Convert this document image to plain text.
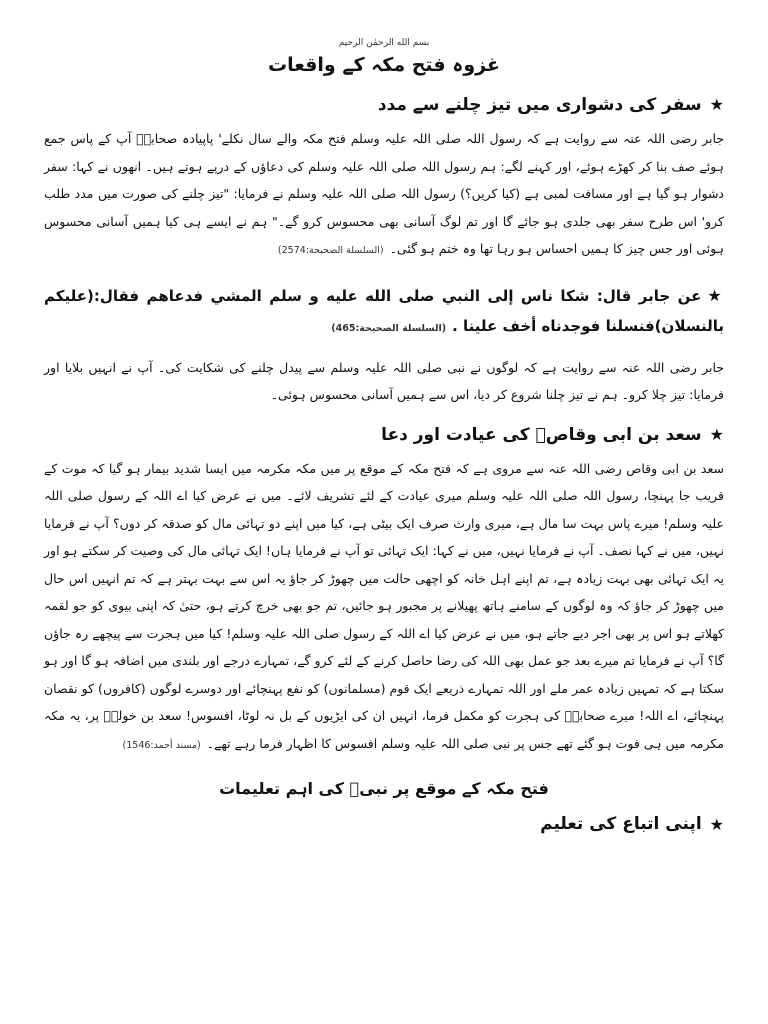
بسم الله الرحمٰن الرحيم
غزوہ فتح مکہ کے واقعات
★
سفر کی دشواری میں تیز چلنے سے مدد

جابر رضی اللہ عنہ سے روایت ہے کہ رسول اللہ صلی اللہ علیہ وسلم فتح مکہ والے سال نکلے' پاپیادہ صحابہؓ آپ کے پاس جمع ہوئے صف بنا کر کھڑے ہوئے، اور کہنے لگے: ہم رسول اللہ صلی اللہ علیہ وسلم کی دعاؤں کے درپے ہوتے ہیں۔ انھوں نے کہا: سفر دشوار ہو گیا ہے اور مسافت لمبی ہے (کیا کریں؟) رسول اللہ صلی اللہ علیہ وسلم نے فرمایا: "تیز چلنے کی صورت میں مدد طلب کرو' اس طرح سفر بھی جلدی ہو جائے گا اور تم لوگ آسانی بھی محسوس کرو گے۔" ہم نے ایسے ہی کیا ہمیں آسانی محسوس ہوئی اور جس چیز کا ہمیں احساس ہو رہا تھا وہ ختم ہو گئی۔(السلسلة الصحيحة:2574)

★عن جابر قال: شكا ناس إلى النبي صلى الله عليه و سلم المشي فدعاهم فقال:(عليكم بالنسلان)فنسلنا فوجدناه أخف علينا .(السلسلة الصحيحة:465)

جابر رضی اللہ عنہ سے روایت ہے کہ لوگوں نے نبی صلی اللہ علیہ وسلم سے پیدل چلنے کی شکایت کی۔ آپ نے انہیں بلایا اور فرمایا: تیز چلا کرو۔ ہم نے تیز چلنا شروع کر دیا، اس سے ہمیں آسانی محسوس ہوئی۔

★
سعد بن ابی وقاصؓ کی عیادت اور دعا

سعد بن ابی وقاص رضی اللہ عنہ سے مروی ہے کہ فتح مکہ کے موقع پر میں مکہ مکرمہ میں ایسا شدید بیمار ہو گیا کہ موت کے قریب جا پہنچا، رسول اللہ صلی اللہ علیہ وسلم میری عیادت کے لئے تشریف لائے۔ میں نے عرض کیا اے اللہ کے رسول صلی اللہ علیہ وسلم! میرے پاس بہت سا مال ہے، میری وارث صرف ایک بیٹی ہے، کیا میں اپنے دو تہائی مال کو صدقہ کر دوں؟ آپ نے فرمایا نہیں، میں نے کہا نصف۔ آپ نے فرمایا نہیں، میں نے کہا: ایک تہائی تو آپ نے فرمایا ہاں! ایک تہائی مال کی وصیت کر سکتے ہو اور یہ ایک تہائی بھی بہت زیادہ ہے، تم اپنے اہل خانہ کو اچھی حالت میں چھوڑ کر جاؤ یہ اس سے بہت بہتر ہے کہ تم انہیں اس حال میں چھوڑ کر جاؤ کہ وہ لوگوں کے سامنے ہاتھ پھیلانے پر مجبور ہو جائیں، تم جو بھی خرچ کرتے ہو، حتیٰ کہ اپنی بیوی کو جو لقمہ کھلاتے ہو اس پر بھی اجر دیے جاتے ہو، میں نے عرض کیا اے اللہ کے رسول صلی اللہ علیہ وسلم! کیا میں ہجرت سے پیچھے رہ جاؤں گا؟ آپ نے فرمایا تم میرے بعد جو عمل بھی اللہ کی رضا حاصل کرنے کے لئے کرو گے، تمہارے درجے اور بلندی میں اضافہ ہو گا اور ہو سکتا ہے کہ تمہیں زیادہ عمر ملے اور اللہ تمہارے ذریعے ایک قوم (مسلمانوں) کو نفع پہنچائے اور دوسرے لوگوں (کافروں) کو نقصان پہنچائے، اے اللہ! میرے صحابہؓ کی ہجرت کو مکمل فرما، انہیں ان کی ایڑیوں کے بل نہ لوٹا، افسوس! سعد بن خولہؓ پر، یہ مکہ مکرمہ میں ہی فوت ہو گئے تھے جس پر نبی صلی اللہ علیہ وسلم افسوس کا اظہار فرما رہے تھے۔(مسند أحمد:1546)

فتح مکہ کے موقع پر نبیؐ کی اہم تعلیمات
★
اپنی اتباع کی تعلیم
